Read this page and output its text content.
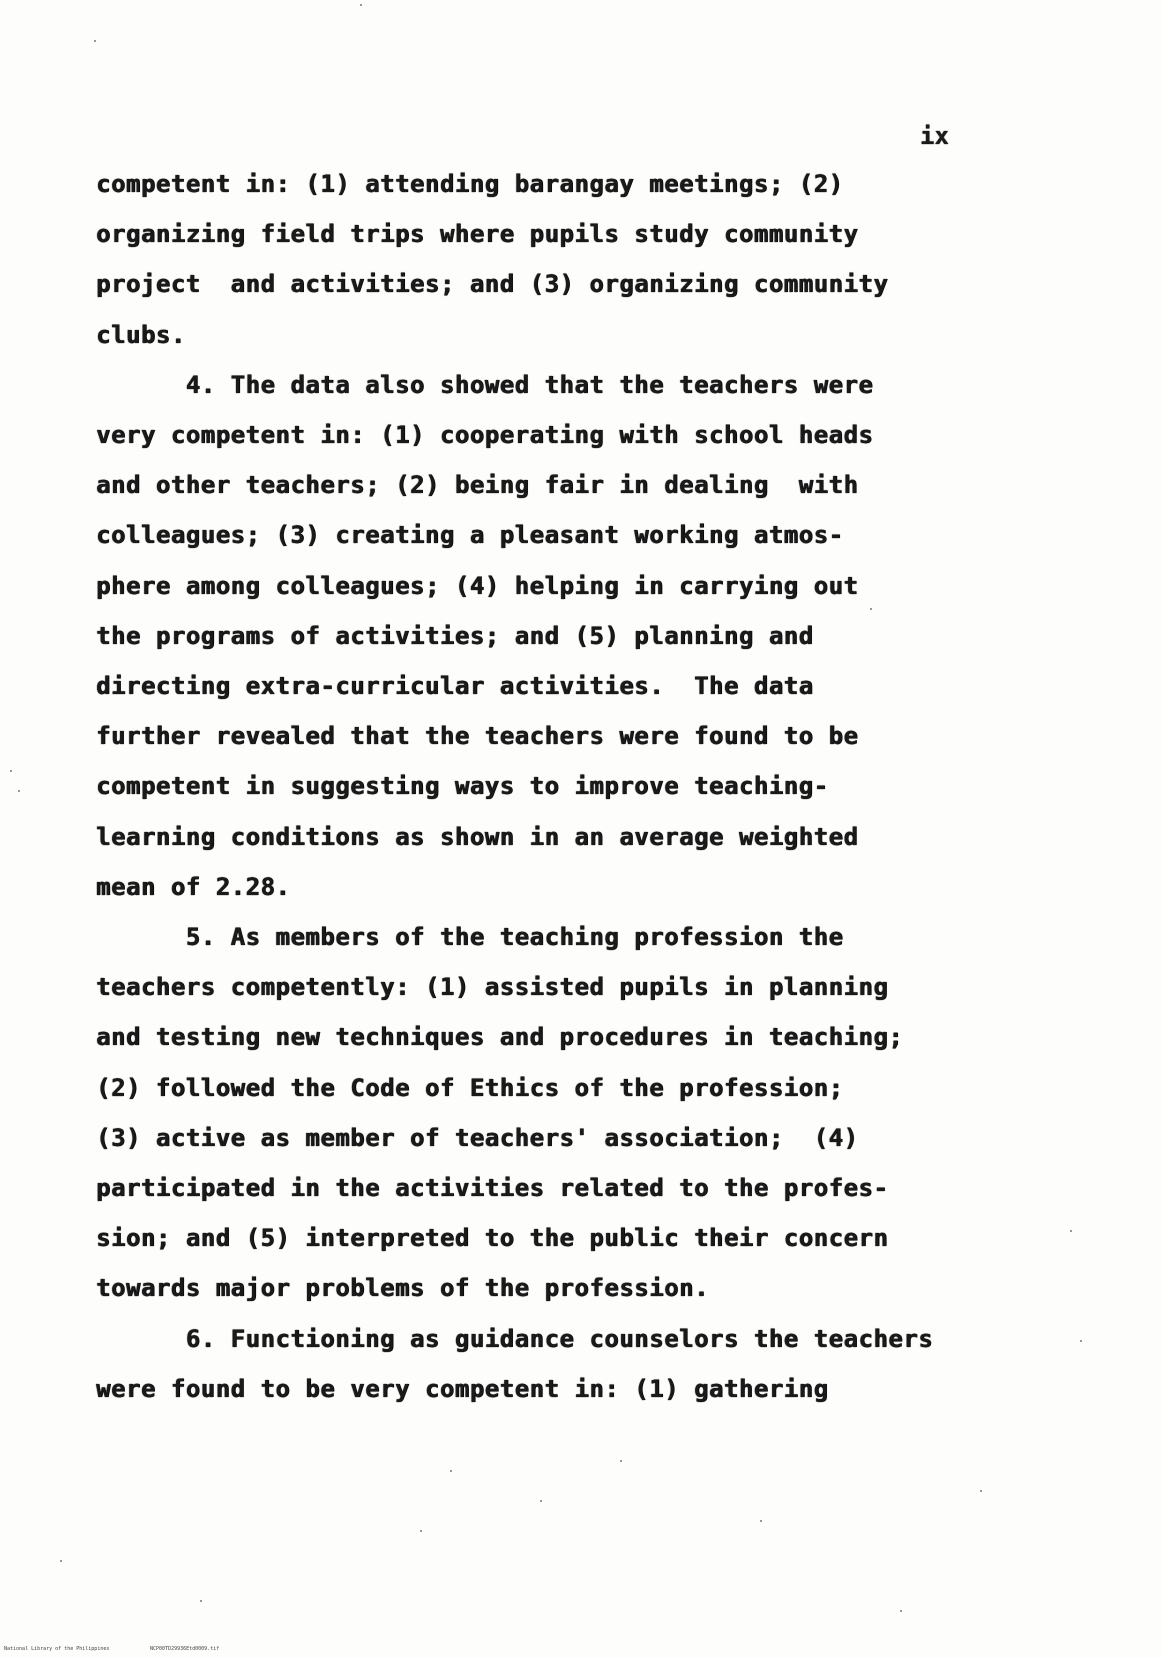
ix
competent in: (1) attending barangay meetings; (2)
organizing field trips where pupils study community
project  and activities; and (3) organizing community
clubs.
4. The data also showed that the teachers were
very competent in: (1) cooperating with school heads
and other teachers; (2) being fair in dealing  with
colleagues; (3) creating a pleasant working atmos-
phere among colleagues; (4) helping in carrying out
the programs of activities; and (5) planning and
directing extra-curricular activities.  The data
further revealed that the teachers were found to be
competent in suggesting ways to improve teaching-
learning conditions as shown in an average weighted
mean of 2.28.
5. As members of the teaching profession the
teachers competently: (1) assisted pupils in planning
and testing new techniques and procedures in teaching;
(2) followed the Code of Ethics of the profession;
(3) active as member of teachers' association;  (4)
participated in the activities related to the profes-
sion; and (5) interpreted to the public their concern
towards major problems of the profession.
6. Functioning as guidance counselors the teachers
were found to be very competent in: (1) gathering
National Library of the Philippines	NCP00TD29936Etd0009.tif
